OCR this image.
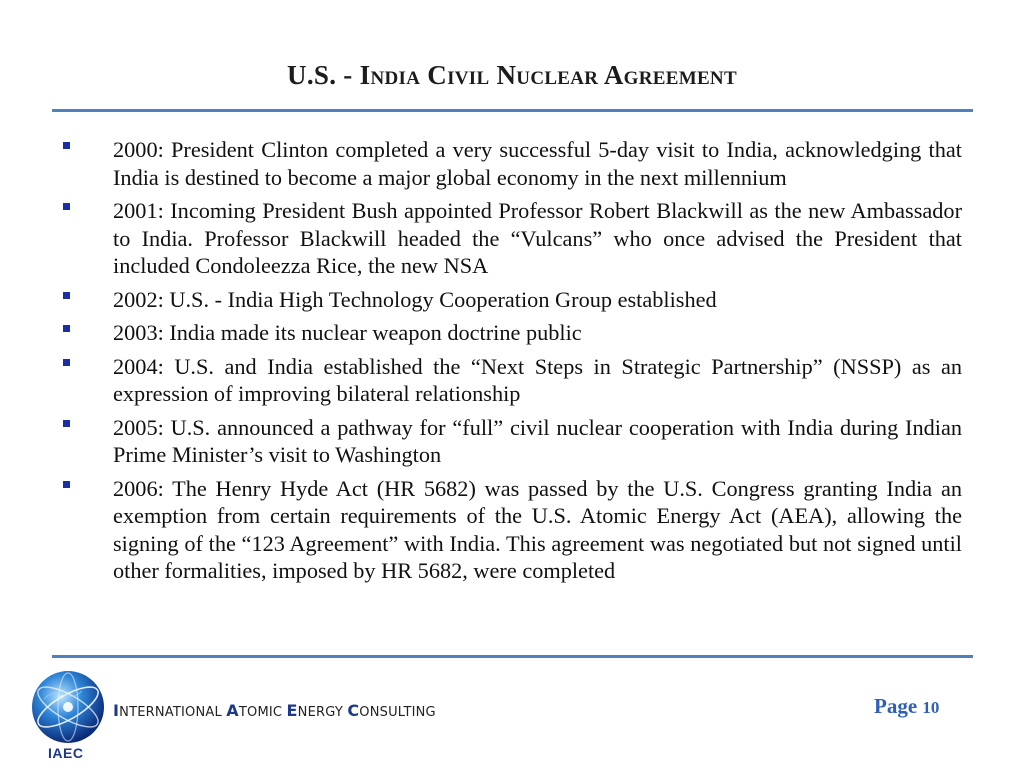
U.S. - India Civil Nuclear Agreement
2000: President Clinton completed a very successful 5-day visit to India, acknowledging that India is destined to become a major global economy in the next millennium
2001: Incoming President Bush appointed Professor Robert Blackwill as the new Ambassador to India. Professor Blackwill headed the “Vulcans” who once advised the President that included Condoleezza Rice, the new NSA
2002: U.S. - India High Technology Cooperation Group established
2003: India made its nuclear weapon doctrine public
2004: U.S. and India established the “Next Steps in Strategic Partnership” (NSSP) as an expression of improving bilateral relationship
2005: U.S. announced a pathway for “full” civil nuclear cooperation with India during Indian Prime Minister’s visit to Washington
2006: The Henry Hyde Act (HR 5682) was passed by the U.S. Congress granting India an exemption from certain requirements of the U.S. Atomic Energy Act (AEA), allowing the signing of the “123 Agreement” with India. This agreement was negotiated but not signed until other formalities, imposed by HR 5682, were completed
IAEC
INTERNATIONAL ATOMIC ENERGY CONSULTING	Page 10
